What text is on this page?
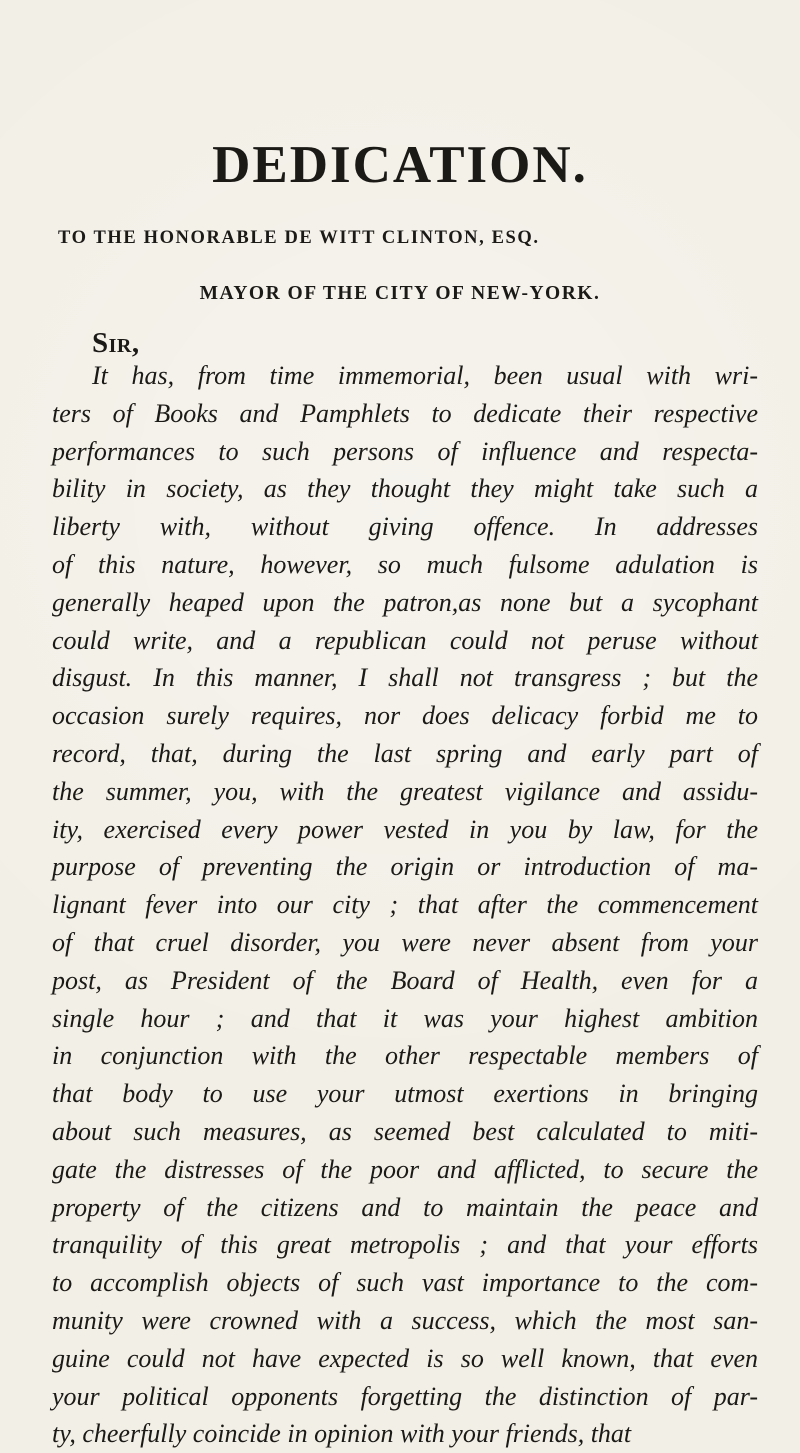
DEDICATION.
TO THE HONORABLE DE WITT CLINTON, ESQ.
MAYOR OF THE CITY OF NEW-YORK.
Sir,
It has, from time immemorial, been usual with wri-
ters of Books and Pamphlets to dedicate their respective
performances to such persons of influence and respecta-
bility in society, as they thought they might take such a
liberty with, without giving offence. In addresses
of this nature, however, so much fulsome adulation is
generally heaped upon the patron,as none but a sycophant
could write, and a republican could not peruse without
disgust. In this manner, I shall not transgress ; but the
occasion surely requires, nor does delicacy forbid me to
record, that, during the last spring and early part of
the summer, you, with the greatest vigilance and assidu-
ity, exercised every power vested in you by law, for the
purpose of preventing the origin or introduction of ma-
lignant fever into our city ; that after the commencement
of that cruel disorder, you were never absent from your
post, as President of the Board of Health, even for a
single hour ; and that it was your highest ambition
in conjunction with the other respectable members of
that body to use your utmost exertions in bringing
about such measures, as seemed best calculated to miti-
gate the distresses of the poor and afflicted, to secure the
property of the citizens and to maintain the peace and
tranquility of this great metropolis ; and that your efforts
to accomplish objects of such vast importance to the com-
munity were crowned with a success, which the most san-
guine could not have expected is so well known, that even
your political opponents forgetting the distinction of par-
ty, cheerfully coincide in opinion with your friends, that
